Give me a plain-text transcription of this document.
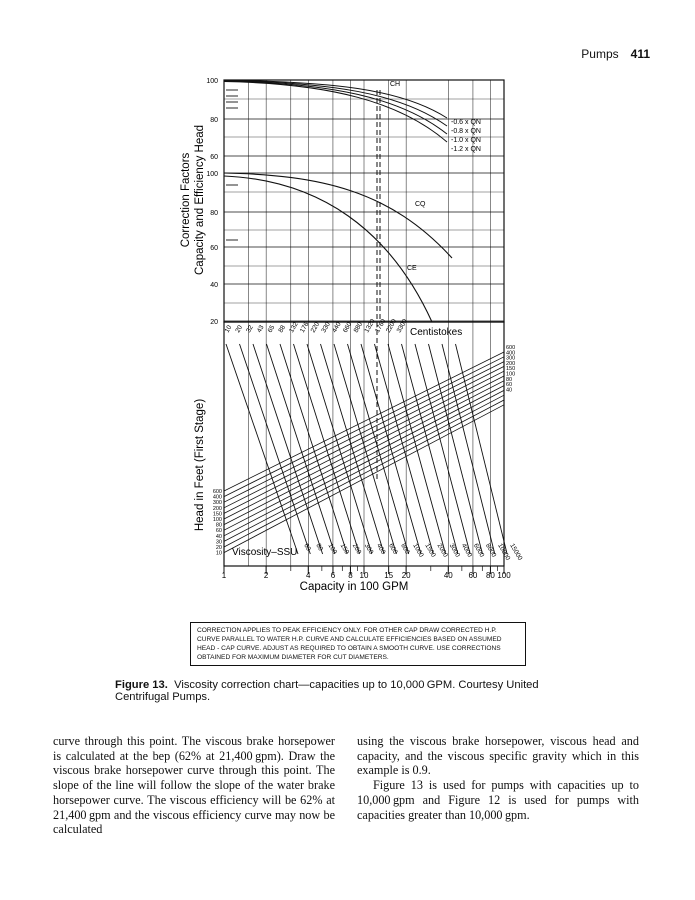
Pumps 411
100
80
60
100
80
60
40
20
CH
-0.6 x QN
-0.8 x QN
-1.0 x QN
-1.2 x QN
CQ
CE
10 20 32 43 65 88 132 176 220 330 440 660 880 1320
1760
2200
3300
60 80 100 150 200 300 400 600 800 1000
1500
2000
3000
4000
6000
8000
10000
15000
600
400
300
200
150
100
80
60
40
30
20
10
600
400
300
200
150
100
80
60
40
1	2	4	6 8 10 15 20	40 60 80 100
Correction Factors Capacity and Efficiency Head
Head in Feet (First Stage)
Capacity in 100 GPM
Centistokes
Viscosity–SSU
CORRECTION APPLIES TO PEAK EFFICIENCY ONLY. FOR OTHER CAP DRAW CORRECTED H.P. CURVE PARALLEL TO WATER H.P. CURVE AND CALCULATE EFFICIENCIES BASED ON ASSUMED HEAD - CAP CURVE. ADJUST AS REQUIRED TO OBTAIN A SMOOTH CURVE. USE CORRECTIONS OBTAINED FOR MAXIMUM DIAMETER FOR CUT DIAMETERS.
Figure 13. Viscosity correction chart—capacities up to 10,000 GPM. Courtesy United Centrifugal Pumps.

curve through this point. The viscous brake horsepower is calculated at the bep (62% at 21,400 gpm). Draw the viscous brake horsepower curve through this point. The slope of the line will follow the slope of the water brake horsepower curve. The viscous efficiency will be 62% at 21,400 gpm and the viscous efficiency curve may now be calculated

using the viscous brake horsepower, viscous head and capacity, and the viscous specific gravity which in this example is 0.9.

Figure 13 is used for pumps with capacities up to 10,000 gpm and Figure 12 is used for pumps with capacities greater than 10,000 gpm.
